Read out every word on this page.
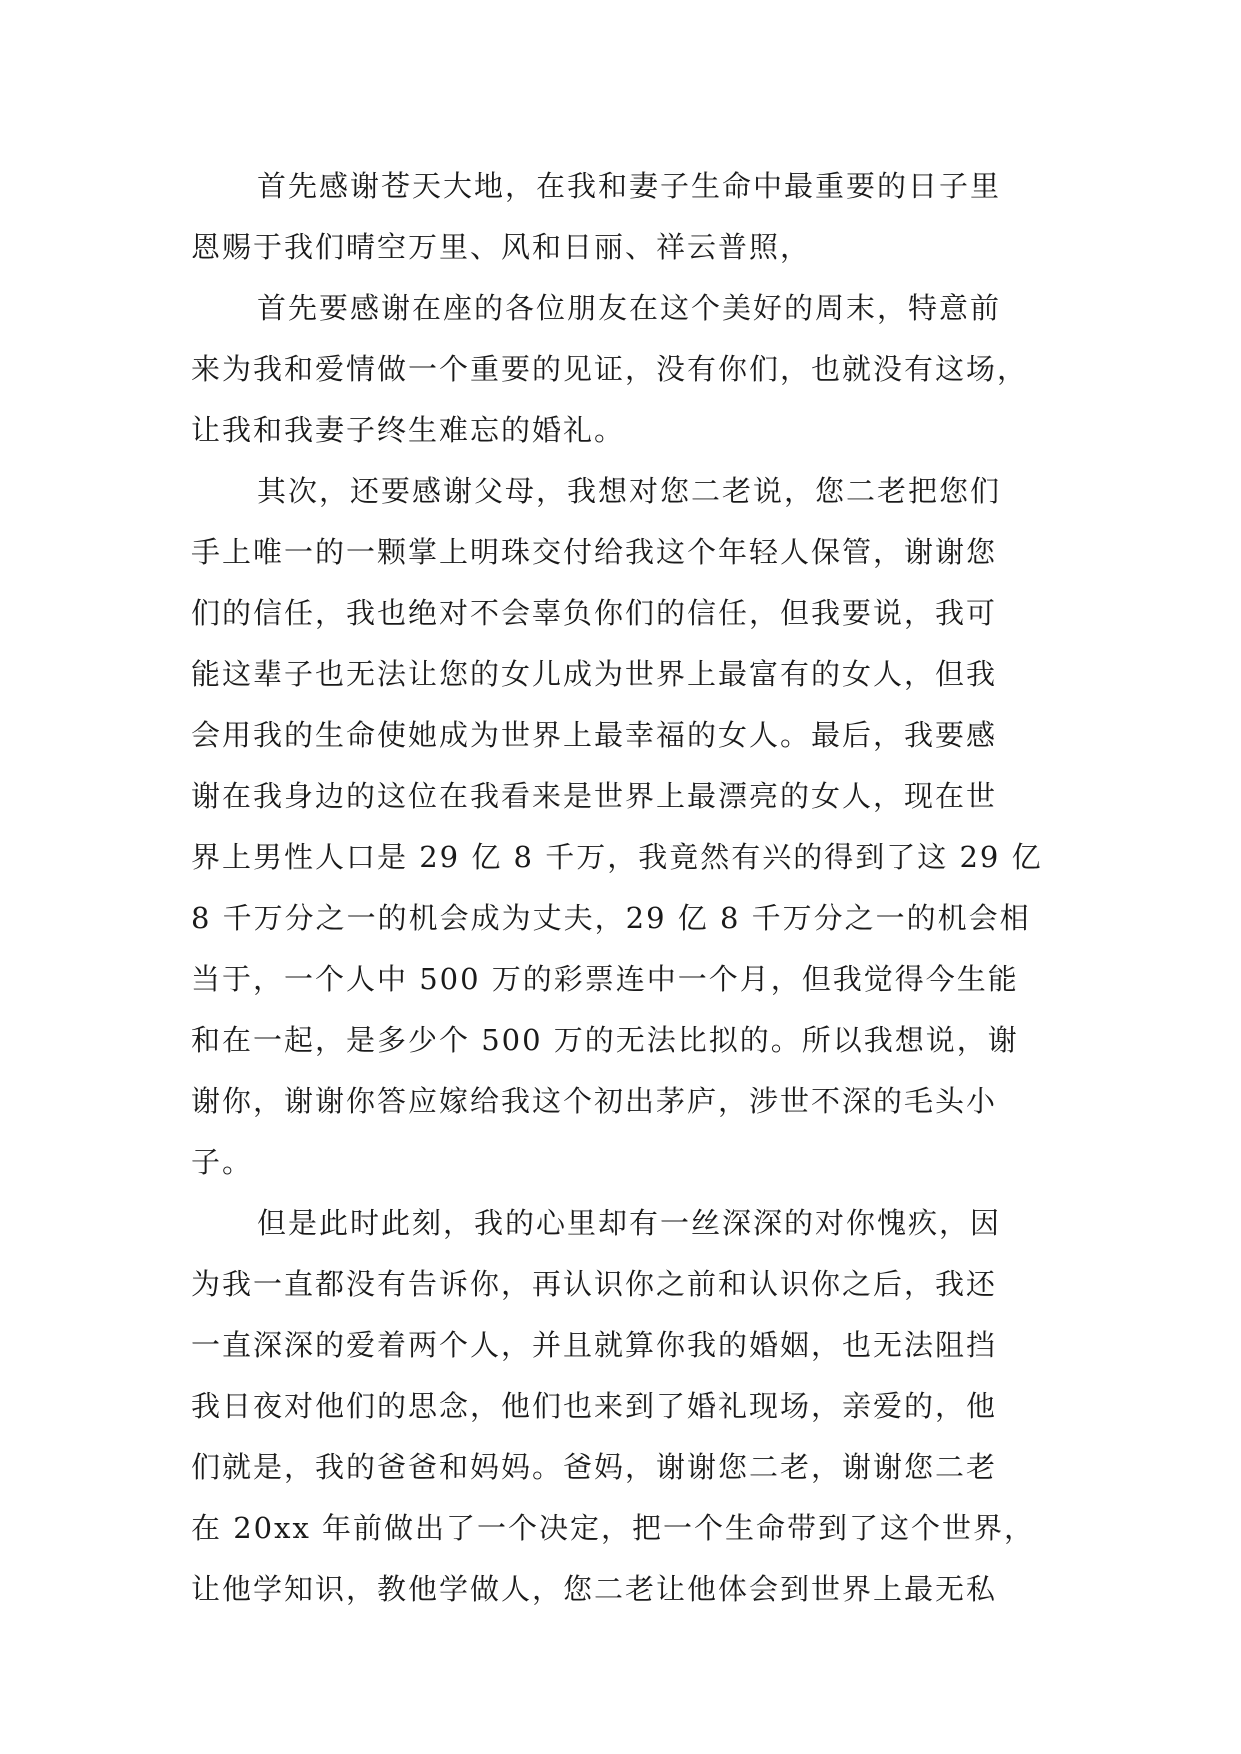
首先感谢苍天大地，在我和妻子生命中最重要的日子里
恩赐于我们晴空万里、风和日丽、祥云普照，

首先要感谢在座的各位朋友在这个美好的周末，特意前
来为我和爱情做一个重要的见证，没有你们，也就没有这场，
让我和我妻子终生难忘的婚礼。

其次，还要感谢父母，我想对您二老说，您二老把您们
手上唯一的一颗掌上明珠交付给我这个年轻人保管，谢谢您
们的信任，我也绝对不会辜负你们的信任，但我要说，我可
能这辈子也无法让您的女儿成为世界上最富有的女人，但我
会用我的生命使她成为世界上最幸福的女人。最后，我要感
谢在我身边的这位在我看来是世界上最漂亮的女人，现在世
界上男性人口是 29 亿 8 千万，我竟然有兴的得到了这 29 亿
8 千万分之一的机会成为丈夫，29 亿 8 千万分之一的机会相
当于，一个人中 500 万的彩票连中一个月，但我觉得今生能
和在一起，是多少个 500 万的无法比拟的。所以我想说，谢
谢你，谢谢你答应嫁给我这个初出茅庐，涉世不深的毛头小
子。

但是此时此刻，我的心里却有一丝深深的对你愧疚，因
为我一直都没有告诉你，再认识你之前和认识你之后，我还
一直深深的爱着两个人，并且就算你我的婚姻，也无法阻挡
我日夜对他们的思念，他们也来到了婚礼现场，亲爱的，他
们就是，我的爸爸和妈妈。爸妈，谢谢您二老，谢谢您二老
在 20xx 年前做出了一个决定，把一个生命带到了这个世界，
让他学知识，教他学做人，您二老让他体会到世界上最无私
